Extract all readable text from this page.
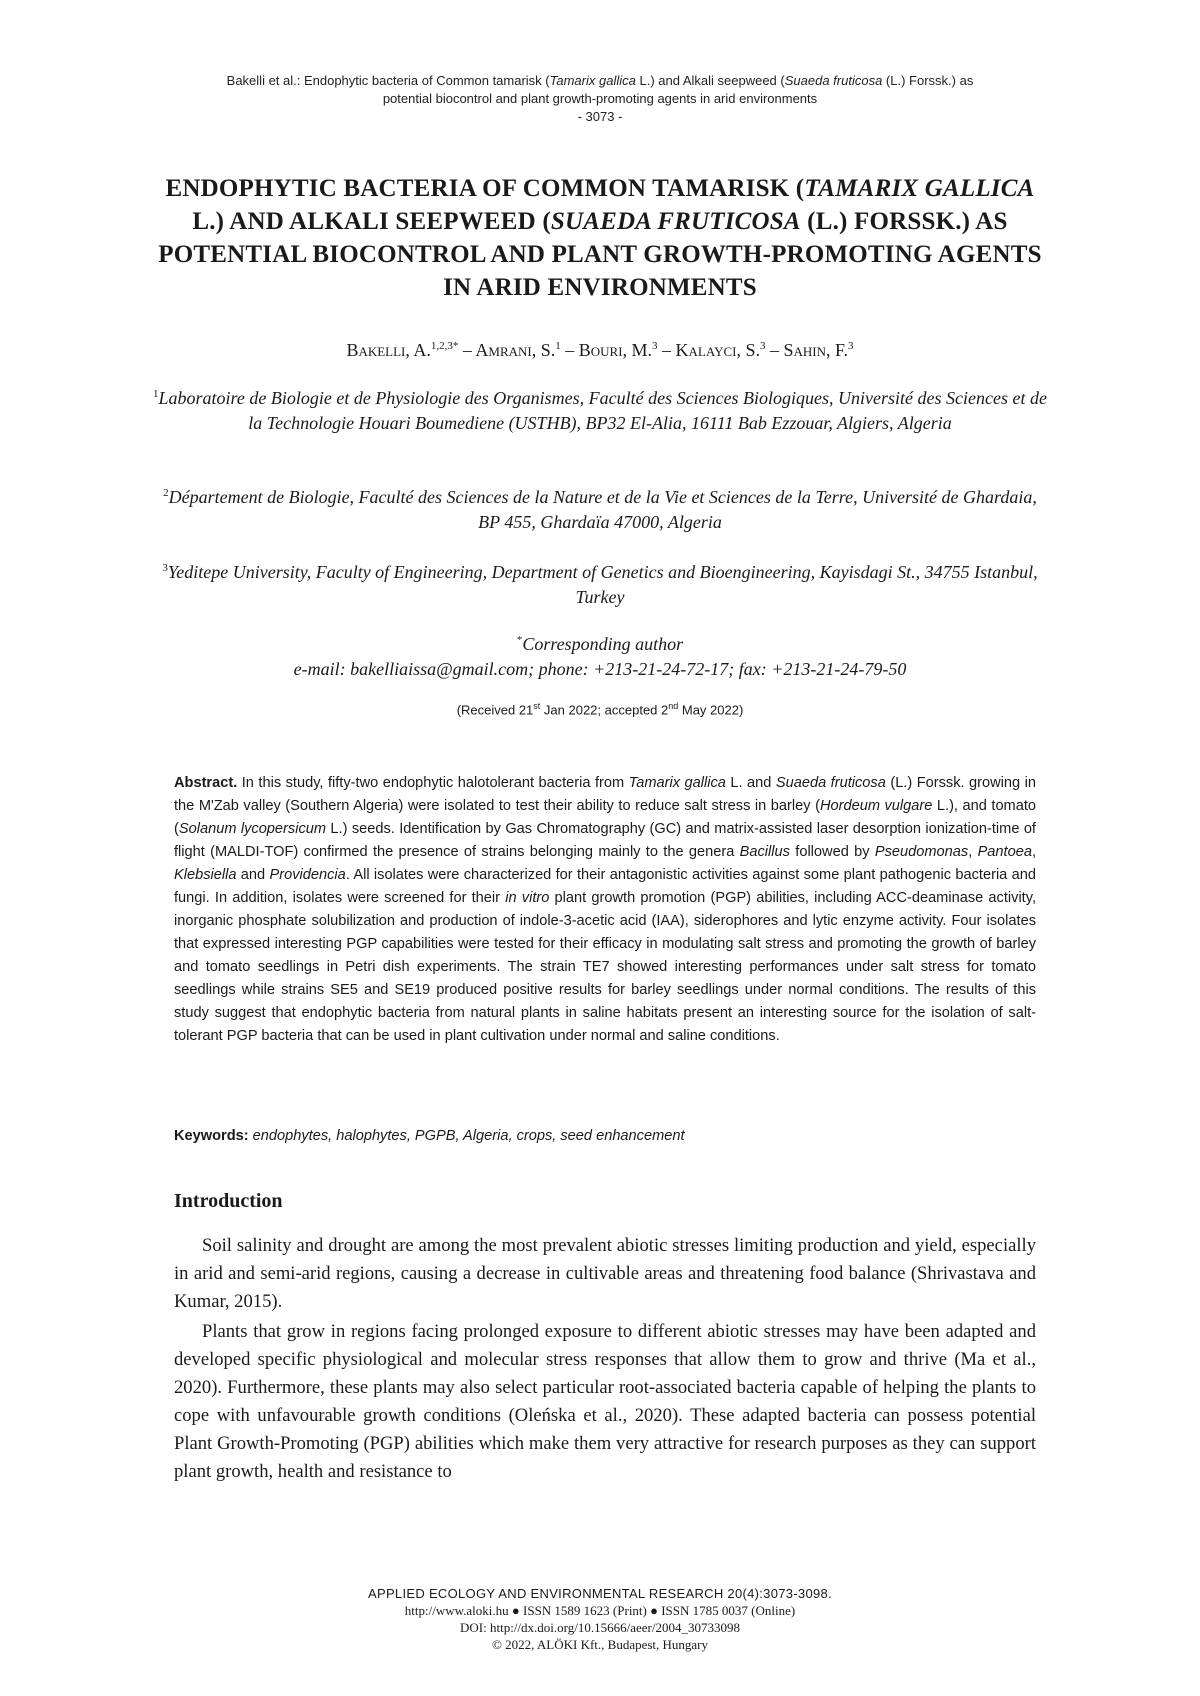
Bakelli et al.: Endophytic bacteria of Common tamarisk (Tamarix gallica L.) and Alkali seepweed (Suaeda fruticosa (L.) Forssk.) as
potential biocontrol and plant growth-promoting agents in arid environments
- 3073 -
ENDOPHYTIC BACTERIA OF COMMON TAMARISK (TAMARIX GALLICA L.) AND ALKALI SEEPWEED (SUAEDA FRUTICOSA (L.) FORSSK.) AS POTENTIAL BIOCONTROL AND PLANT GROWTH-PROMOTING AGENTS IN ARID ENVIRONMENTS
Bakelli, A.$^{1,2,3*}$ – Amrani, S.$^1$ – Bouri, M.$^3$ – Kalayci, S.$^3$ – Sahin, F.$^3$
$^1$Laboratoire de Biologie et de Physiologie des Organismes, Faculté des Sciences Biologiques, Université des Sciences et de la Technologie Houari Boumediene (USTHB), BP32 El-Alia, 16111 Bab Ezzouar, Algiers, Algeria
$^2$Département de Biologie, Faculté des Sciences de la Nature et de la Vie et Sciences de la Terre, Université de Ghardaia, BP 455, Ghardaïa 47000, Algeria
$^3$Yeditepe University, Faculty of Engineering, Department of Genetics and Bioengineering, Kayisdagi St., 34755 Istanbul, Turkey
*Corresponding author
e-mail: bakelliaissa@gmail.com; phone: +213-21-24-72-17; fax: +213-21-24-79-50
(Received 21st Jan 2022; accepted 2nd May 2022)
Abstract. In this study, fifty-two endophytic halotolerant bacteria from Tamarix gallica L. and Suaeda fruticosa (L.) Forssk. growing in the M'Zab valley (Southern Algeria) were isolated to test their ability to reduce salt stress in barley (Hordeum vulgare L.), and tomato (Solanum lycopersicum L.) seeds. Identification by Gas Chromatography (GC) and matrix-assisted laser desorption ionization-time of flight (MALDI-TOF) confirmed the presence of strains belonging mainly to the genera Bacillus followed by Pseudomonas, Pantoea, Klebsiella and Providencia. All isolates were characterized for their antagonistic activities against some plant pathogenic bacteria and fungi. In addition, isolates were screened for their in vitro plant growth promotion (PGP) abilities, including ACC-deaminase activity, inorganic phosphate solubilization and production of indole-3-acetic acid (IAA), siderophores and lytic enzyme activity. Four isolates that expressed interesting PGP capabilities were tested for their efficacy in modulating salt stress and promoting the growth of barley and tomato seedlings in Petri dish experiments. The strain TE7 showed interesting performances under salt stress for tomato seedlings while strains SE5 and SE19 produced positive results for barley seedlings under normal conditions. The results of this study suggest that endophytic bacteria from natural plants in saline habitats present an interesting source for the isolation of salt-tolerant PGP bacteria that can be used in plant cultivation under normal and saline conditions.
Keywords: endophytes, halophytes, PGPB, Algeria, crops, seed enhancement
Introduction

Soil salinity and drought are among the most prevalent abiotic stresses limiting production and yield, especially in arid and semi-arid regions, causing a decrease in cultivable areas and threatening food balance (Shrivastava and Kumar, 2015).

Plants that grow in regions facing prolonged exposure to different abiotic stresses may have been adapted and developed specific physiological and molecular stress responses that allow them to grow and thrive (Ma et al., 2020). Furthermore, these plants may also select particular root-associated bacteria capable of helping the plants to cope with unfavourable growth conditions (Oleńska et al., 2020). These adapted bacteria can possess potential Plant Growth-Promoting (PGP) abilities which make them very attractive for research purposes as they can support plant growth, health and resistance to

APPLIED ECOLOGY AND ENVIRONMENTAL RESEARCH 20(4):3073-3098.
http://www.aloki.hu ● ISSN 1589 1623 (Print) ● ISSN 1785 0037 (Online)
DOI: http://dx.doi.org/10.15666/aeer/2004_30733098
© 2022, ALÖKI Kft., Budapest, Hungary
